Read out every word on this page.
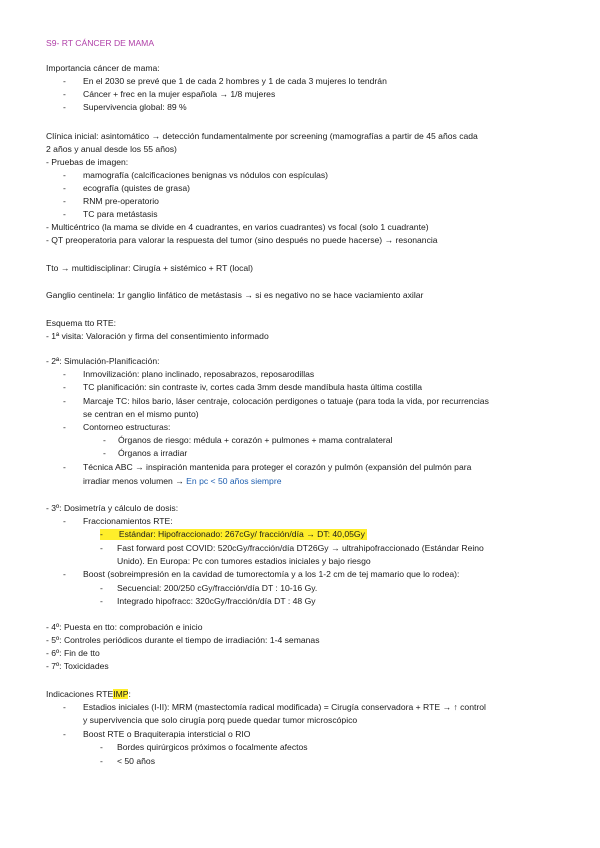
S9- RT CÁNCER DE MAMA
Importancia cáncer de mama:
- En el 2030 se prevé que 1 de cada 2 hombres y 1 de cada 3 mujeres lo tendrán
- Cáncer + frec en la mujer española → 1/8 mujeres
- Supervivencia global: 89 %
Clínica inicial: asintomático → detección fundamentalmente por screening (mamografías a partir de 45 años cada
2 años y anual desde los 55 años)
- Pruebas de imagen:
- mamografía (calcificaciones benignas vs nódulos con espículas)
- ecografía (quistes de grasa)
- RNM pre-operatorio
- TC para metástasis
- Multicéntrico (la mama se divide en 4 cuadrantes, en varios cuadrantes) vs focal (solo 1 cuadrante)
- QT preoperatoria para valorar la respuesta del tumor (sino después no puede hacerse) → resonancia
Tto → multidisciplinar: Cirugía + sistémico + RT (local)
Ganglio centinela: 1r ganglio linfático de metástasis → si es negativo no se hace vaciamiento axilar
Esquema tto RTE:
- 1ª visita: Valoración y firma del consentimiento informado
- 2ª: Simulación-Planificación:
- Inmovilización: plano inclinado, reposabrazos, reposarodillas
- TC planificación: sin contraste iv, cortes cada 3mm desde mandíbula hasta última costilla
- Marcaje TC: hilos bario, láser centraje, colocación perdigones o tatuaje (para toda la vida, por recurrencias
se centran en el mismo punto)
- Contorneo estructuras:
- Órganos de riesgo: médula + corazón + pulmones + mama contralateral
- Órganos a irradiar
- Técnica ABC → inspiración mantenida para proteger el corazón y pulmón (expansión del pulmón para
irradiar menos volumen → En pc < 50 años siempre
- 3º: Dosimetría y cálculo de dosis:
- Fraccionamientos RTE:
- Estándar: Hipofraccionado: 267cGy/ fracción/día → DT: 40,05Gy
- Fast forward post COVID: 520cGy/fracción/día DT26Gy → ultrahipofraccionado (Estándar Reino
Unido). En Europa: Pc con tumores estadios iniciales y bajo riesgo
- Boost (sobreimpresión en la cavidad de tumorectomía y a los 1-2 cm de tej mamario que lo rodea):
- Secuencial: 200/250 cGy/fracción/día DT : 10-16 Gy.
- Integrado hipofracc: 320cGy/fracción/día DT : 48 Gy
- 4º: Puesta en tto: comprobación e inicio
- 5º: Controles periódicos durante el tiempo de irradiación: 1-4 semanas
- 6º: Fin de tto
- 7º: Toxicidades
Indicaciones RTEIMP:
- Estadios iniciales (I-II): MRM (mastectomía radical modificada) = Cirugía conservadora + RTE → ↑ control
y supervivencia que solo cirugía porq puede quedar tumor microscópico
- Boost RTE o Braquiterapia intersticial o RIO
- Bordes quirúrgicos próximos o focalmente afectos
- < 50 años
